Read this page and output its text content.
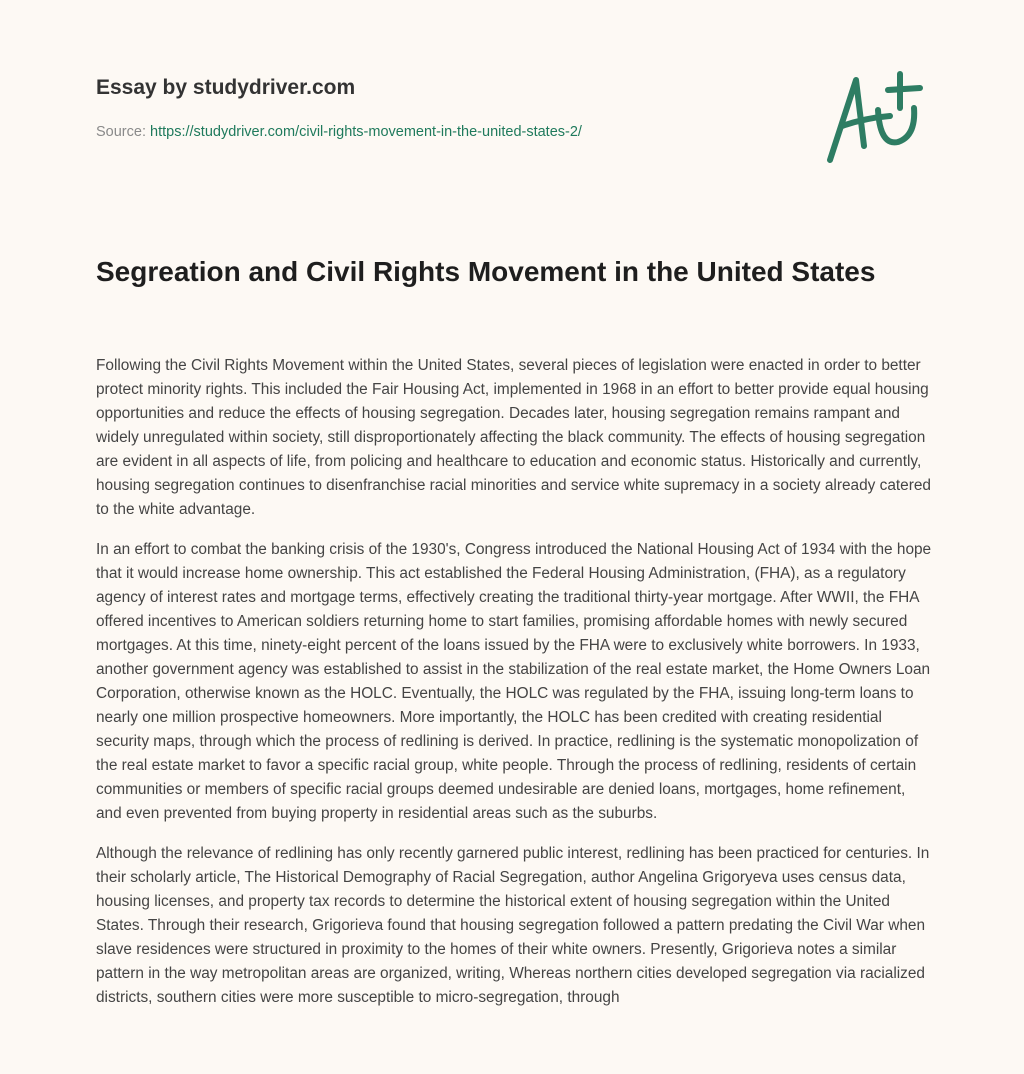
Essay by studydriver.com
Source: https://studydriver.com/civil-rights-movement-in-the-united-states-2/
Segreation and Civil Rights Movement in the United States

Following the Civil Rights Movement within the United States, several pieces of legislation were enacted in order to better protect minority rights. This included the Fair Housing Act, implemented in 1968 in an effort to better provide equal housing opportunities and reduce the effects of housing segregation. Decades later, housing segregation remains rampant and widely unregulated within society, still disproportionately affecting the black community. The effects of housing segregation are evident in all aspects of life, from policing and healthcare to education and economic status. Historically and currently, housing segregation continues to disenfranchise racial minorities and service white supremacy in a society already catered to the white advantage.

In an effort to combat the banking crisis of the 1930's, Congress introduced the National Housing Act of 1934 with the hope that it would increase home ownership. This act established the Federal Housing Administration, (FHA), as a regulatory agency of interest rates and mortgage terms, effectively creating the traditional thirty-year mortgage. After WWII, the FHA offered incentives to American soldiers returning home to start families, promising affordable homes with newly secured mortgages. At this time, ninety-eight percent of the loans issued by the FHA were to exclusively white borrowers. In 1933, another government agency was established to assist in the stabilization of the real estate market, the Home Owners Loan Corporation, otherwise known as the HOLC. Eventually, the HOLC was regulated by the FHA, issuing long-term loans to nearly one million prospective homeowners. More importantly, the HOLC has been credited with creating residential security maps, through which the process of redlining is derived. In practice, redlining is the systematic monopolization of the real estate market to favor a specific racial group, white people. Through the process of redlining, residents of certain communities or members of specific racial groups deemed undesirable are denied loans, mortgages, home refinement, and even prevented from buying property in residential areas such as the suburbs.

Although the relevance of redlining has only recently garnered public interest, redlining has been practiced for centuries. In their scholarly article, The Historical Demography of Racial Segregation, author Angelina Grigoryeva uses census data, housing licenses, and property tax records to determine the historical extent of housing segregation within the United States. Through their research, Grigorieva found that housing segregation followed a pattern predating the Civil War when slave residences were structured in proximity to the homes of their white owners. Presently, Grigorieva notes a similar pattern in the way metropolitan areas are organized, writing, Whereas northern cities developed segregation via racialized districts, southern cities were more susceptible to micro-segregation, through
